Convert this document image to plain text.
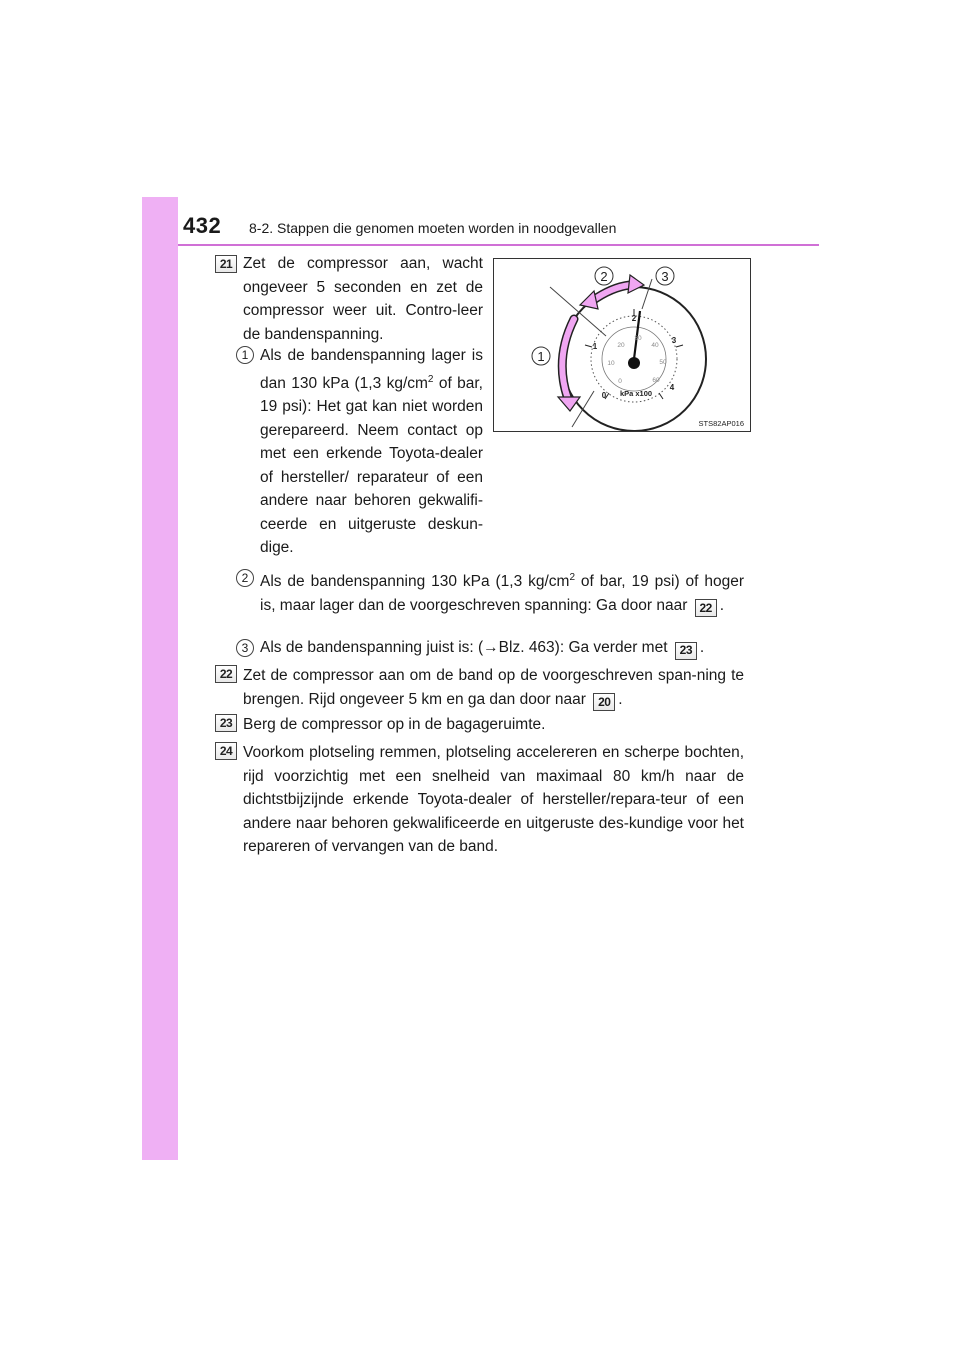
432 8-2. Stappen die genomen moeten worden in noodgevallen
21 Zet de compressor aan, wacht ongeveer 5 seconden en zet de compressor weer uit. Contro-leer de bandenspanning.
1 Als de bandenspanning lager is dan 130 kPa (1,3 $kg/cm^2$ of bar, 19 psi): Het gat kan niet worden gerepareerd. Neem contact op met een erkende Toyota-dealer of hersteller/ reparateur of een andere naar behoren gekwalifi-ceerde en uitgeruste deskun-dige.
0
1
2
3
4
0
10
20
30
40
50
60
kPa x100
1
2	3
STS82AP016
2 Als de bandenspanning 130 kPa (1,3 $kg/cm^2$ of bar, 19 psi) of hoger is, maar lager dan de voorgeschreven spanning: Ga door naar 22 .
3 Als de bandenspanning juist is: (→Blz. 463): Ga verder met 23 .
22 Zet de compressor aan om de band op de voorgeschreven span-ning te brengen. Rijd ongeveer 5 km en ga dan door naar 20 .
23 Berg de compressor op in de bagageruimte.
24 Voorkom plotseling remmen, plotseling accelereren en scherpe bochten, rijd voorzichtig met een snelheid van maximaal 80 km/h naar de dichtstbijzijnde erkende Toyota-dealer of hersteller/repara-teur of een andere naar behoren gekwalificeerde en uitgeruste des-kundige voor het repareren of vervangen van de band.
